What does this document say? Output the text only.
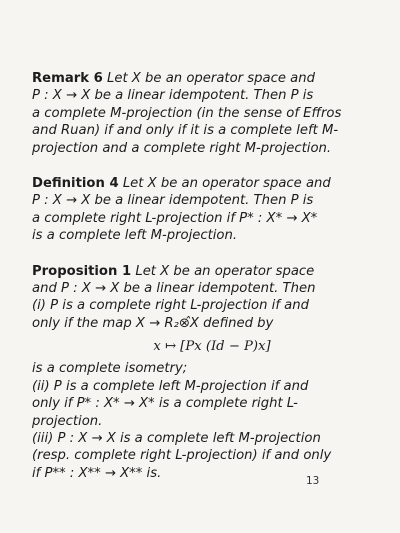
Remark 6 Let X be an operator space and
P : X → X be a linear idempotent. Then P is
a complete M-projection (in the sense of Effros
and Ruan) if and only if it is a complete left M-
projection and a complete right M-projection.
Definition 4 Let X be an operator space and
P : X → X be a linear idempotent. Then P is
a complete right L-projection if P* : X* → X*
is a complete left M-projection.
Proposition 1 Let X be an operator space
and P : X → X be a linear idempotent. Then
(i) P is a complete right L-projection if and
only if the map X → R₂⊗̂X defined by
x ↦ [Px (Id − P)x]
is a complete isometry;
(ii) P is a complete left M-projection if and
only if P* : X* → X* is a complete right L-
projection.
(iii) P : X → X is a complete left M-projection
(resp. complete right L-projection) if and only
if P** : X** → X** is.
13
